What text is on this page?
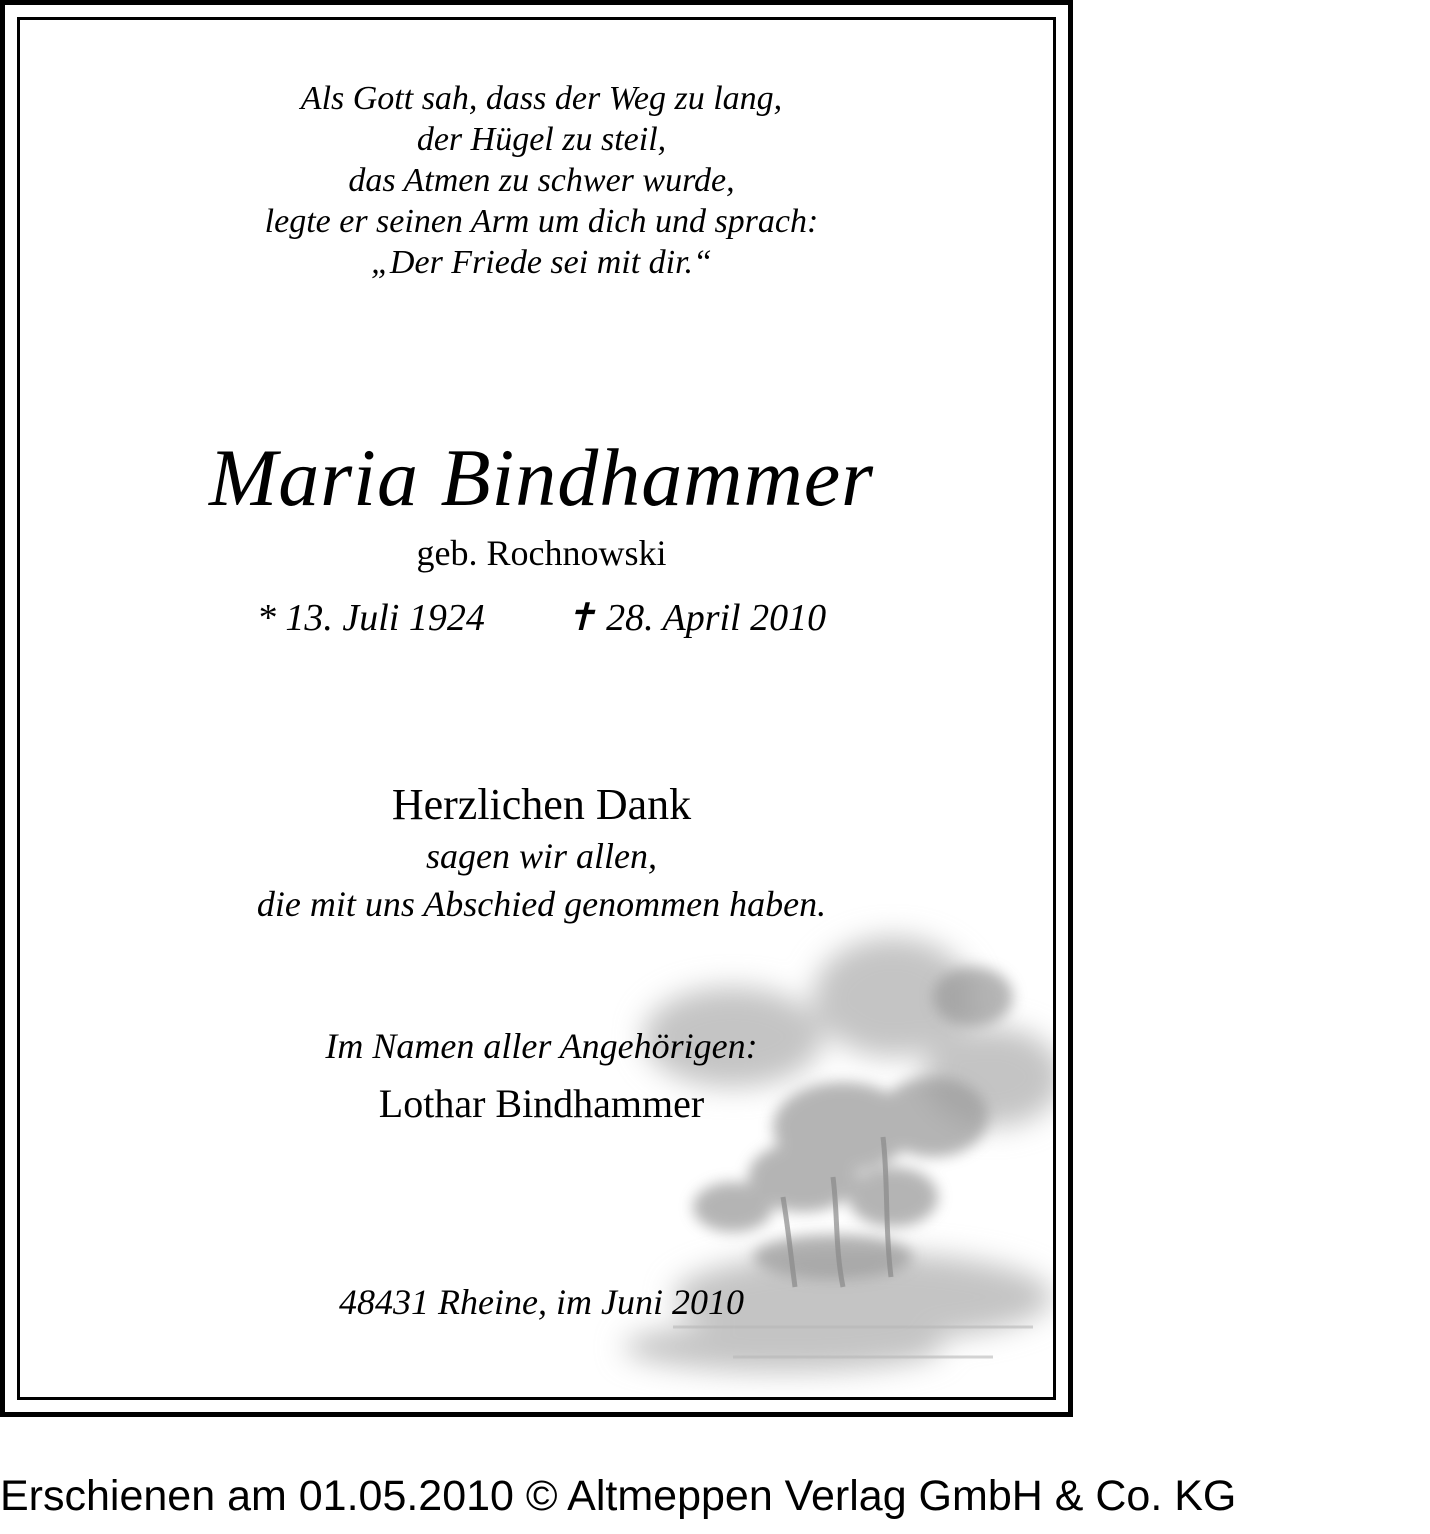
Als Gott sah, dass der Weg zu lang,

der Hügel zu steil,

das Atmen zu schwer wurde,

legte er seinen Arm um dich und sprach:

„Der Friede sei mit dir.“

Maria Bindhammer

geb. Rochnowski

* 13. Juli 1924 ✝ 28. April 2010

Herzlichen Dank

sagen wir allen,

die mit uns Abschied genommen haben.

Im Namen aller Angehörigen:

Lothar Bindhammer

48431 Rheine, im Juni 2010

Erschienen am 01.05.2010 © Altmeppen Verlag GmbH & Co. KG
